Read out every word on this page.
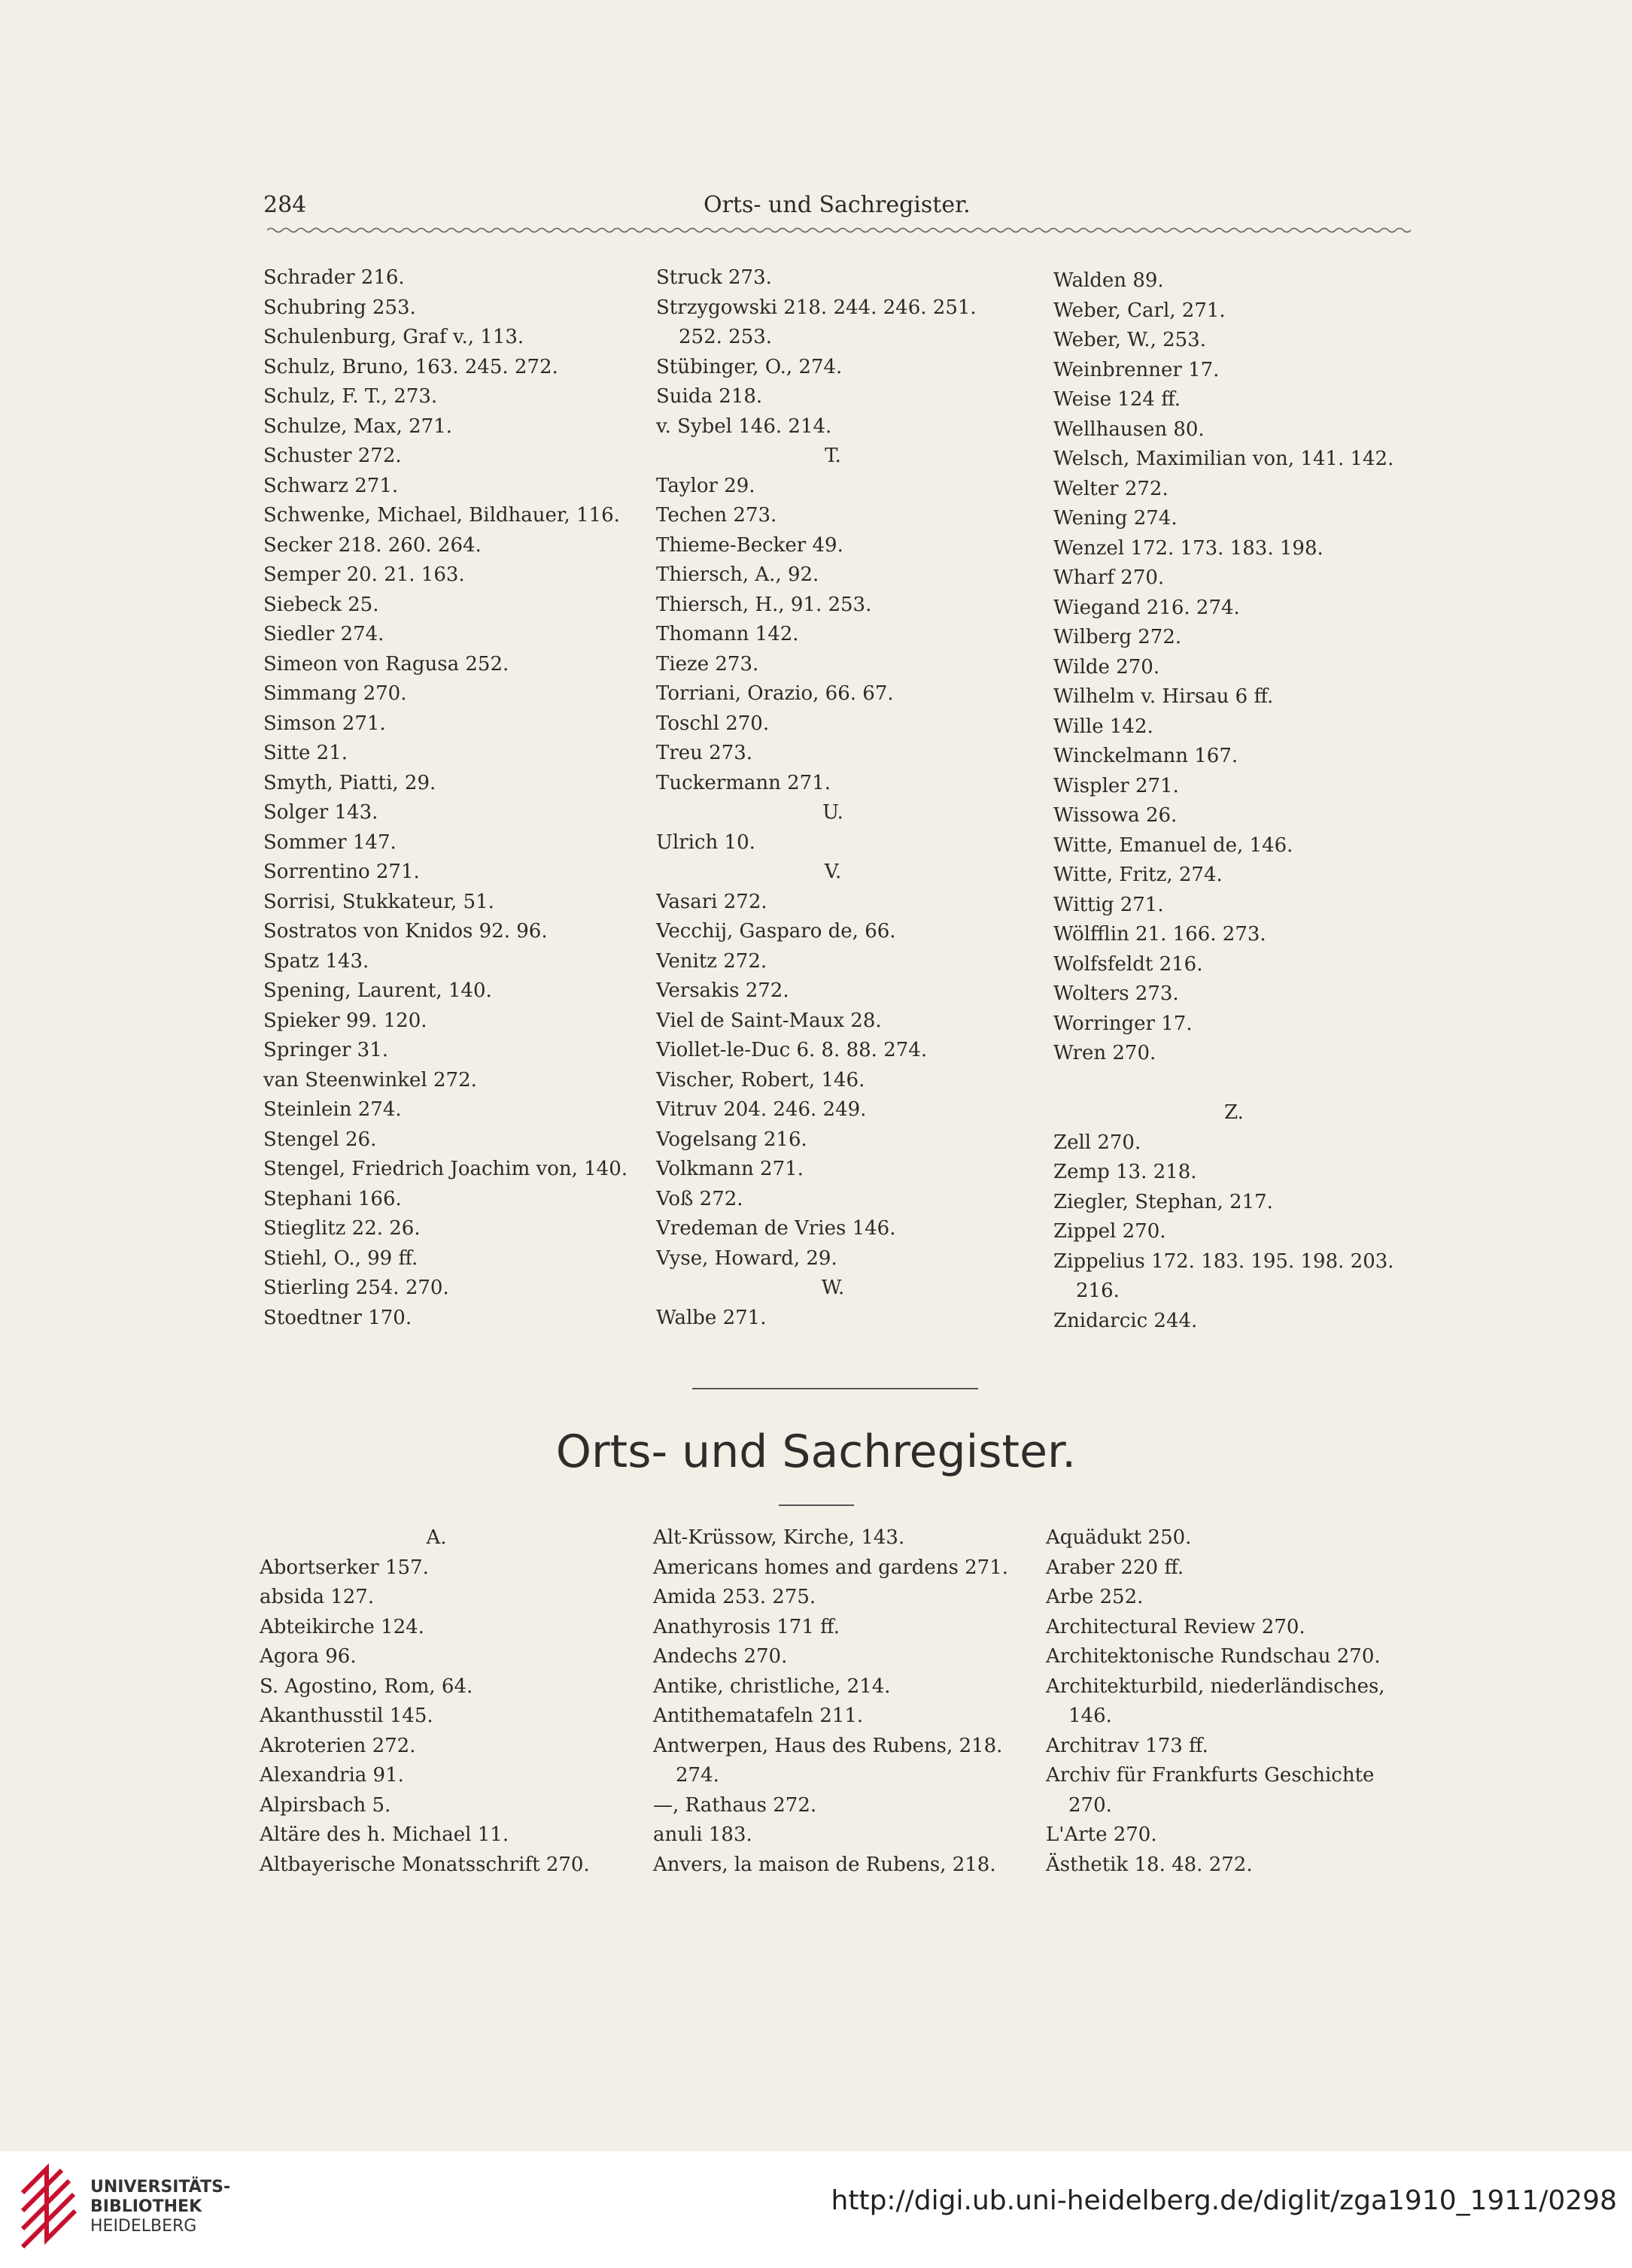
284	Orts- und Sachregister.
Schrader 216.
Schubring 253.
Schulenburg, Graf v., 113.
Schulz, Bruno, 163. 245. 272.
Schulz, F. T., 273.
Schulze, Max, 271.
Schuster 272.
Schwarz 271.
Schwenke, Michael, Bildhauer, 116.
Secker 218. 260. 264.
Semper 20. 21. 163.
Siebeck 25.
Siedler 274.
Simeon von Ragusa 252.
Simmang 270.
Simson 271.
Sitte 21.
Smyth, Piatti, 29.
Solger 143.
Sommer 147.
Sorrentino 271.
Sorrisi, Stukkateur, 51.
Sostratos von Knidos 92. 96.
Spatz 143.
Spening, Laurent, 140.
Spieker 99. 120.
Springer 31.
van Steenwinkel 272.
Steinlein 274.
Stengel 26.
Stengel, Friedrich Joachim von, 140.
Stephani 166.
Stieglitz 22. 26.
Stiehl, O., 99 ff.
Stierling 254. 270.
Stoedtner 170.
Struck 273.
Strzygowski 218. 244. 246. 251.
252. 253.
Stübinger, O., 274.
Suida 218.
v. Sybel 146. 214.
T.
Taylor 29.
Techen 273.
Thieme-Becker 49.
Thiersch, A., 92.
Thiersch, H., 91. 253.
Thomann 142.
Tieze 273.
Torriani, Orazio, 66. 67.
Toschl 270.
Treu 273.
Tuckermann 271.
U.
Ulrich 10.
V.
Vasari 272.
Vecchij, Gasparo de, 66.
Venitz 272.
Versakis 272.
Viel de Saint-Maux 28.
Viollet-le-Duc 6. 8. 88. 274.
Vischer, Robert, 146.
Vitruv 204. 246. 249.
Vogelsang 216.
Volkmann 271.
Voß 272.
Vredeman de Vries 146.
Vyse, Howard, 29.
W.
Walbe 271.
Walden 89.
Weber, Carl, 271.
Weber, W., 253.
Weinbrenner 17.
Weise 124 ff.
Wellhausen 80.
Welsch, Maximilian von, 141. 142.
Welter 272.
Wening 274.
Wenzel 172. 173. 183. 198.
Wharf 270.
Wiegand 216. 274.
Wilberg 272.
Wilde 270.
Wilhelm v. Hirsau 6 ff.
Wille 142.
Winckelmann 167.
Wispler 271.
Wissowa 26.
Witte, Emanuel de, 146.
Witte, Fritz, 274.
Wittig 271.
Wölfflin 21. 166. 273.
Wolfsfeldt 216.
Wolters 273.
Worringer 17.
Wren 270.

Z.
Zell 270.
Zemp 13. 218.
Ziegler, Stephan, 217.
Zippel 270.
Zippelius 172. 183. 195. 198. 203.
216.
Znidarcic 244.
Orts- und Sachregister.
A.
Abortserker 157.
absida 127.
Abteikirche 124.
Agora 96.
S. Agostino, Rom, 64.
Akanthusstil 145.
Akroterien 272.
Alexandria 91.
Alpirsbach 5.
Altäre des h. Michael 11.
Altbayerische Monatsschrift 270.
Alt-Krüssow, Kirche, 143.
Americans homes and gardens 271.
Amida 253. 275.
Anathyrosis 171 ff.
Andechs 270.
Antike, christliche, 214.
Antithematafeln 211.
Antwerpen, Haus des Rubens, 218.
274.
—, Rathaus 272.
anuli 183.
Anvers, la maison de Rubens, 218.
Aquädukt 250.
Araber 220 ff.
Arbe 252.
Architectural Review 270.
Architektonische Rundschau 270.
Architekturbild, niederländisches,
146.
Architrav 173 ff.
Archiv für Frankfurts Geschichte
270.
L'Arte 270.
Ästhetik 18. 48. 272.
UNIVERSITÄTS-
BIBLIOTHEK
HEIDELBERG
http://digi.ub.uni-heidelberg.de/diglit/zga1910_1911/0298
